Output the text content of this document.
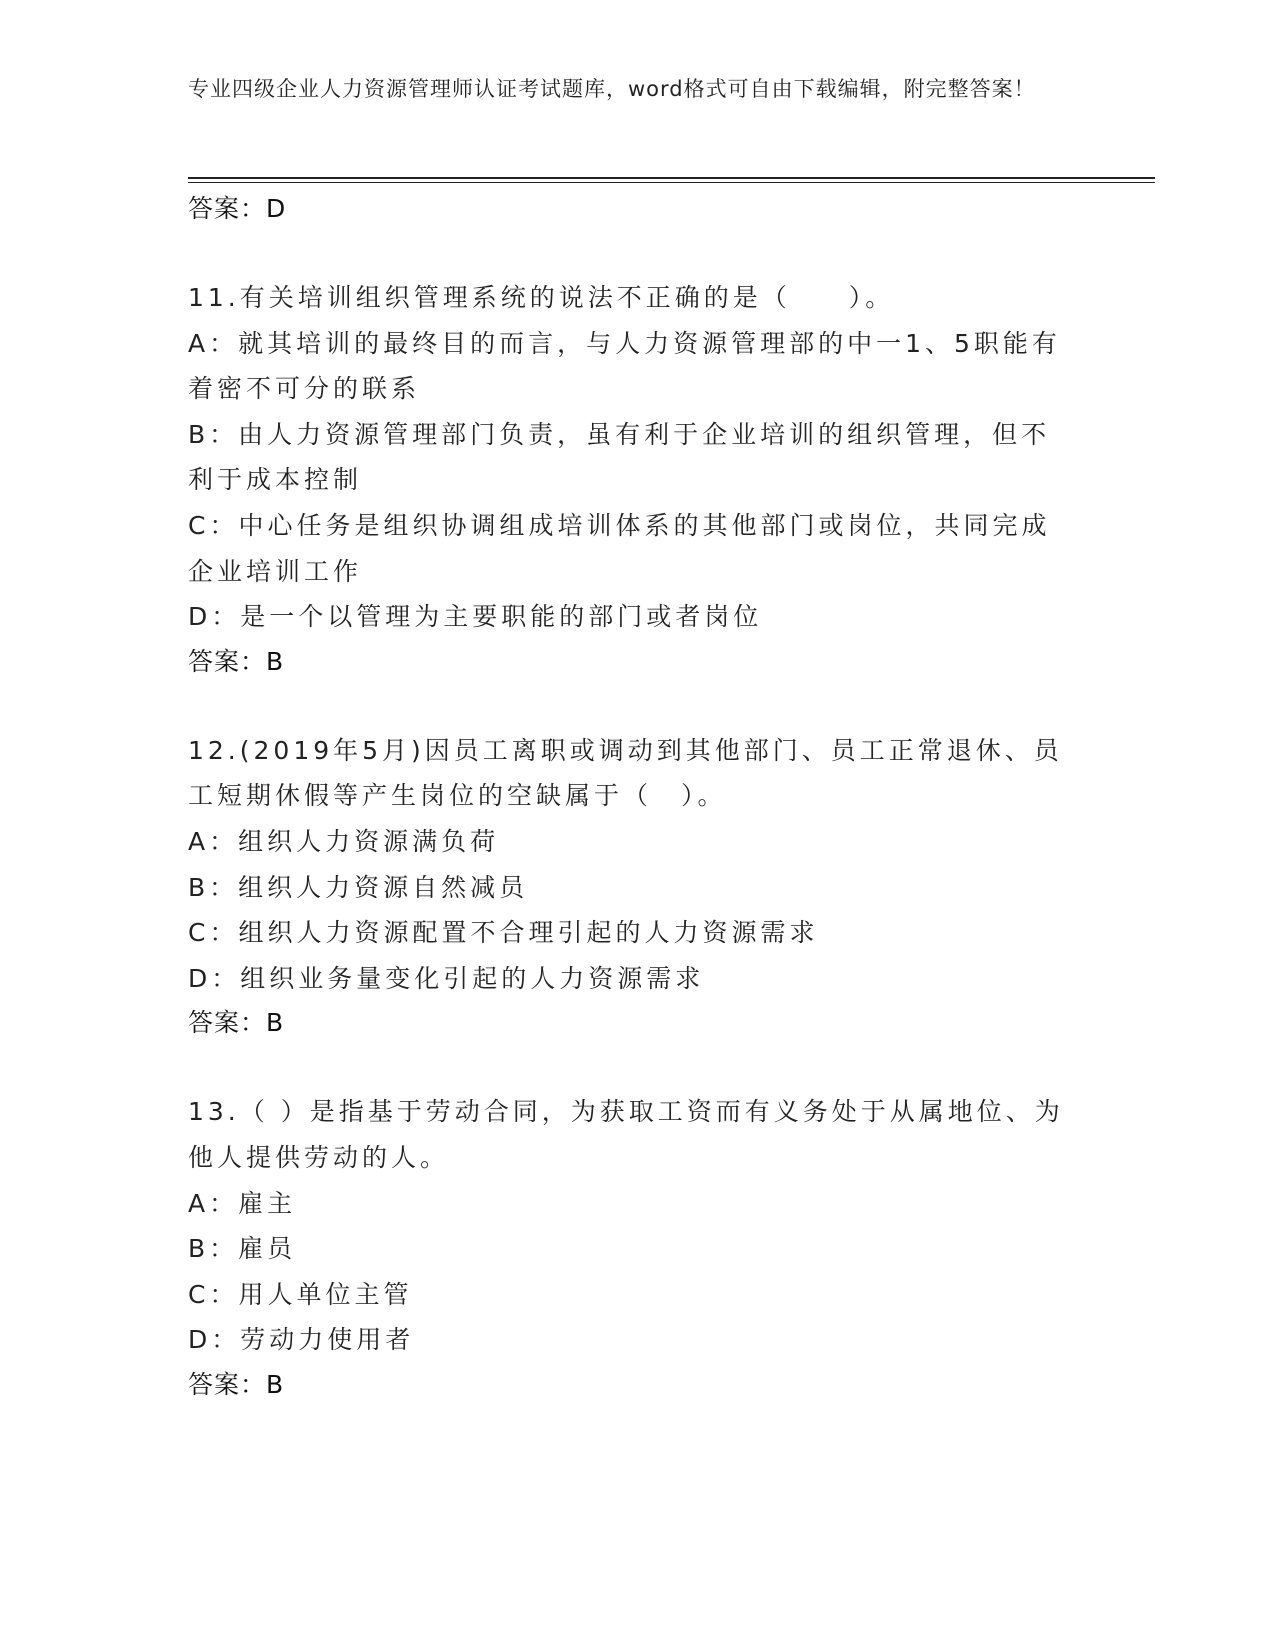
专业四级企业人力资源管理师认证考试题库，word格式可自由下载编辑，附完整答案！
答案：D
11.有关培训组织管理系统的说法不正确的是（　　）。
A：就其培训的最终目的而言，与人力资源管理部的中一1、5职能有着密不可分的联系
B：由人力资源管理部门负责，虽有利于企业培训的组织管理，但不利于成本控制
C：中心任务是组织协调组成培训体系的其他部门或岗位，共同完成企业培训工作
D：是一个以管理为主要职能的部门或者岗位
答案：B
12.(2019年5月)因员工离职或调动到其他部门、员工正常退休、员工短期休假等产生岗位的空缺属于（　）。
A：组织人力资源满负荷
B：组织人力资源自然减员
C：组织人力资源配置不合理引起的人力资源需求
D：组织业务量变化引起的人力资源需求
答案：B
13.（ ）是指基于劳动合同，为获取工资而有义务处于从属地位、为他人提供劳动的人。
A：雇主
B：雇员
C：用人单位主管
D：劳动力使用者
答案：B
